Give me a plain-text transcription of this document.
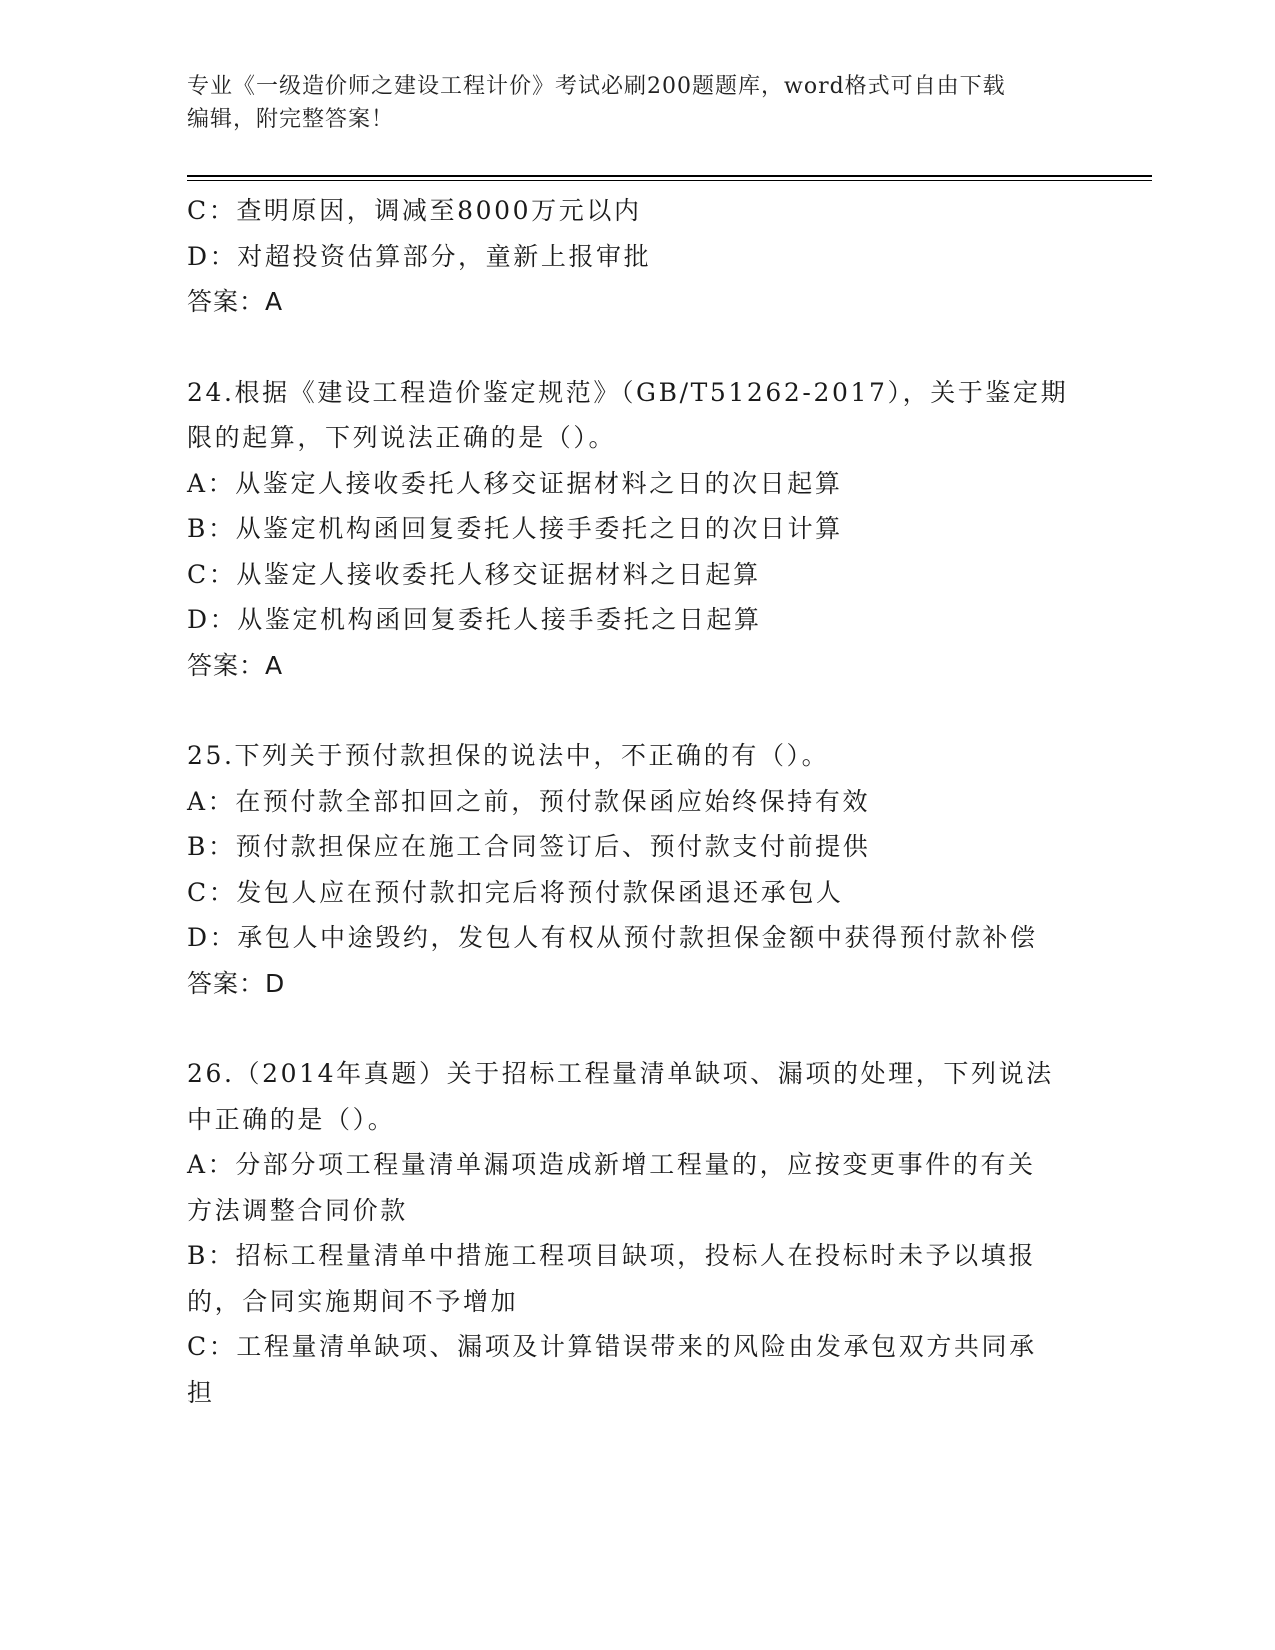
专业《一级造价师之建设工程计价》考试必刷200题题库，word格式可自由下载
编辑，附完整答案！
C：查明原因，调减至8000万元以内
D：对超投资估算部分，童新上报审批
答案：A
24.根据《建设工程造价鉴定规范》（GB/T51262-2017），关于鉴定期
限的起算，下列说法正确的是（）。
A：从鉴定人接收委托人移交证据材料之日的次日起算
B：从鉴定机构函回复委托人接手委托之日的次日计算
C：从鉴定人接收委托人移交证据材料之日起算
D：从鉴定机构函回复委托人接手委托之日起算
答案：A
25.下列关于预付款担保的说法中，不正确的有（）。
A：在预付款全部扣回之前，预付款保函应始终保持有效
B：预付款担保应在施工合同签订后、预付款支付前提供
C：发包人应在预付款扣完后将预付款保函退还承包人
D：承包人中途毁约，发包人有权从预付款担保金额中获得预付款补偿
答案：D
26.（2014年真题）关于招标工程量清单缺项、漏项的处理，下列说法
中正确的是（）。
A：分部分项工程量清单漏项造成新增工程量的，应按变更事件的有关
方法调整合同价款
B：招标工程量清单中措施工程项目缺项，投标人在投标时未予以填报
的，合同实施期间不予增加
C：工程量清单缺项、漏项及计算错误带来的风险由发承包双方共同承
担
